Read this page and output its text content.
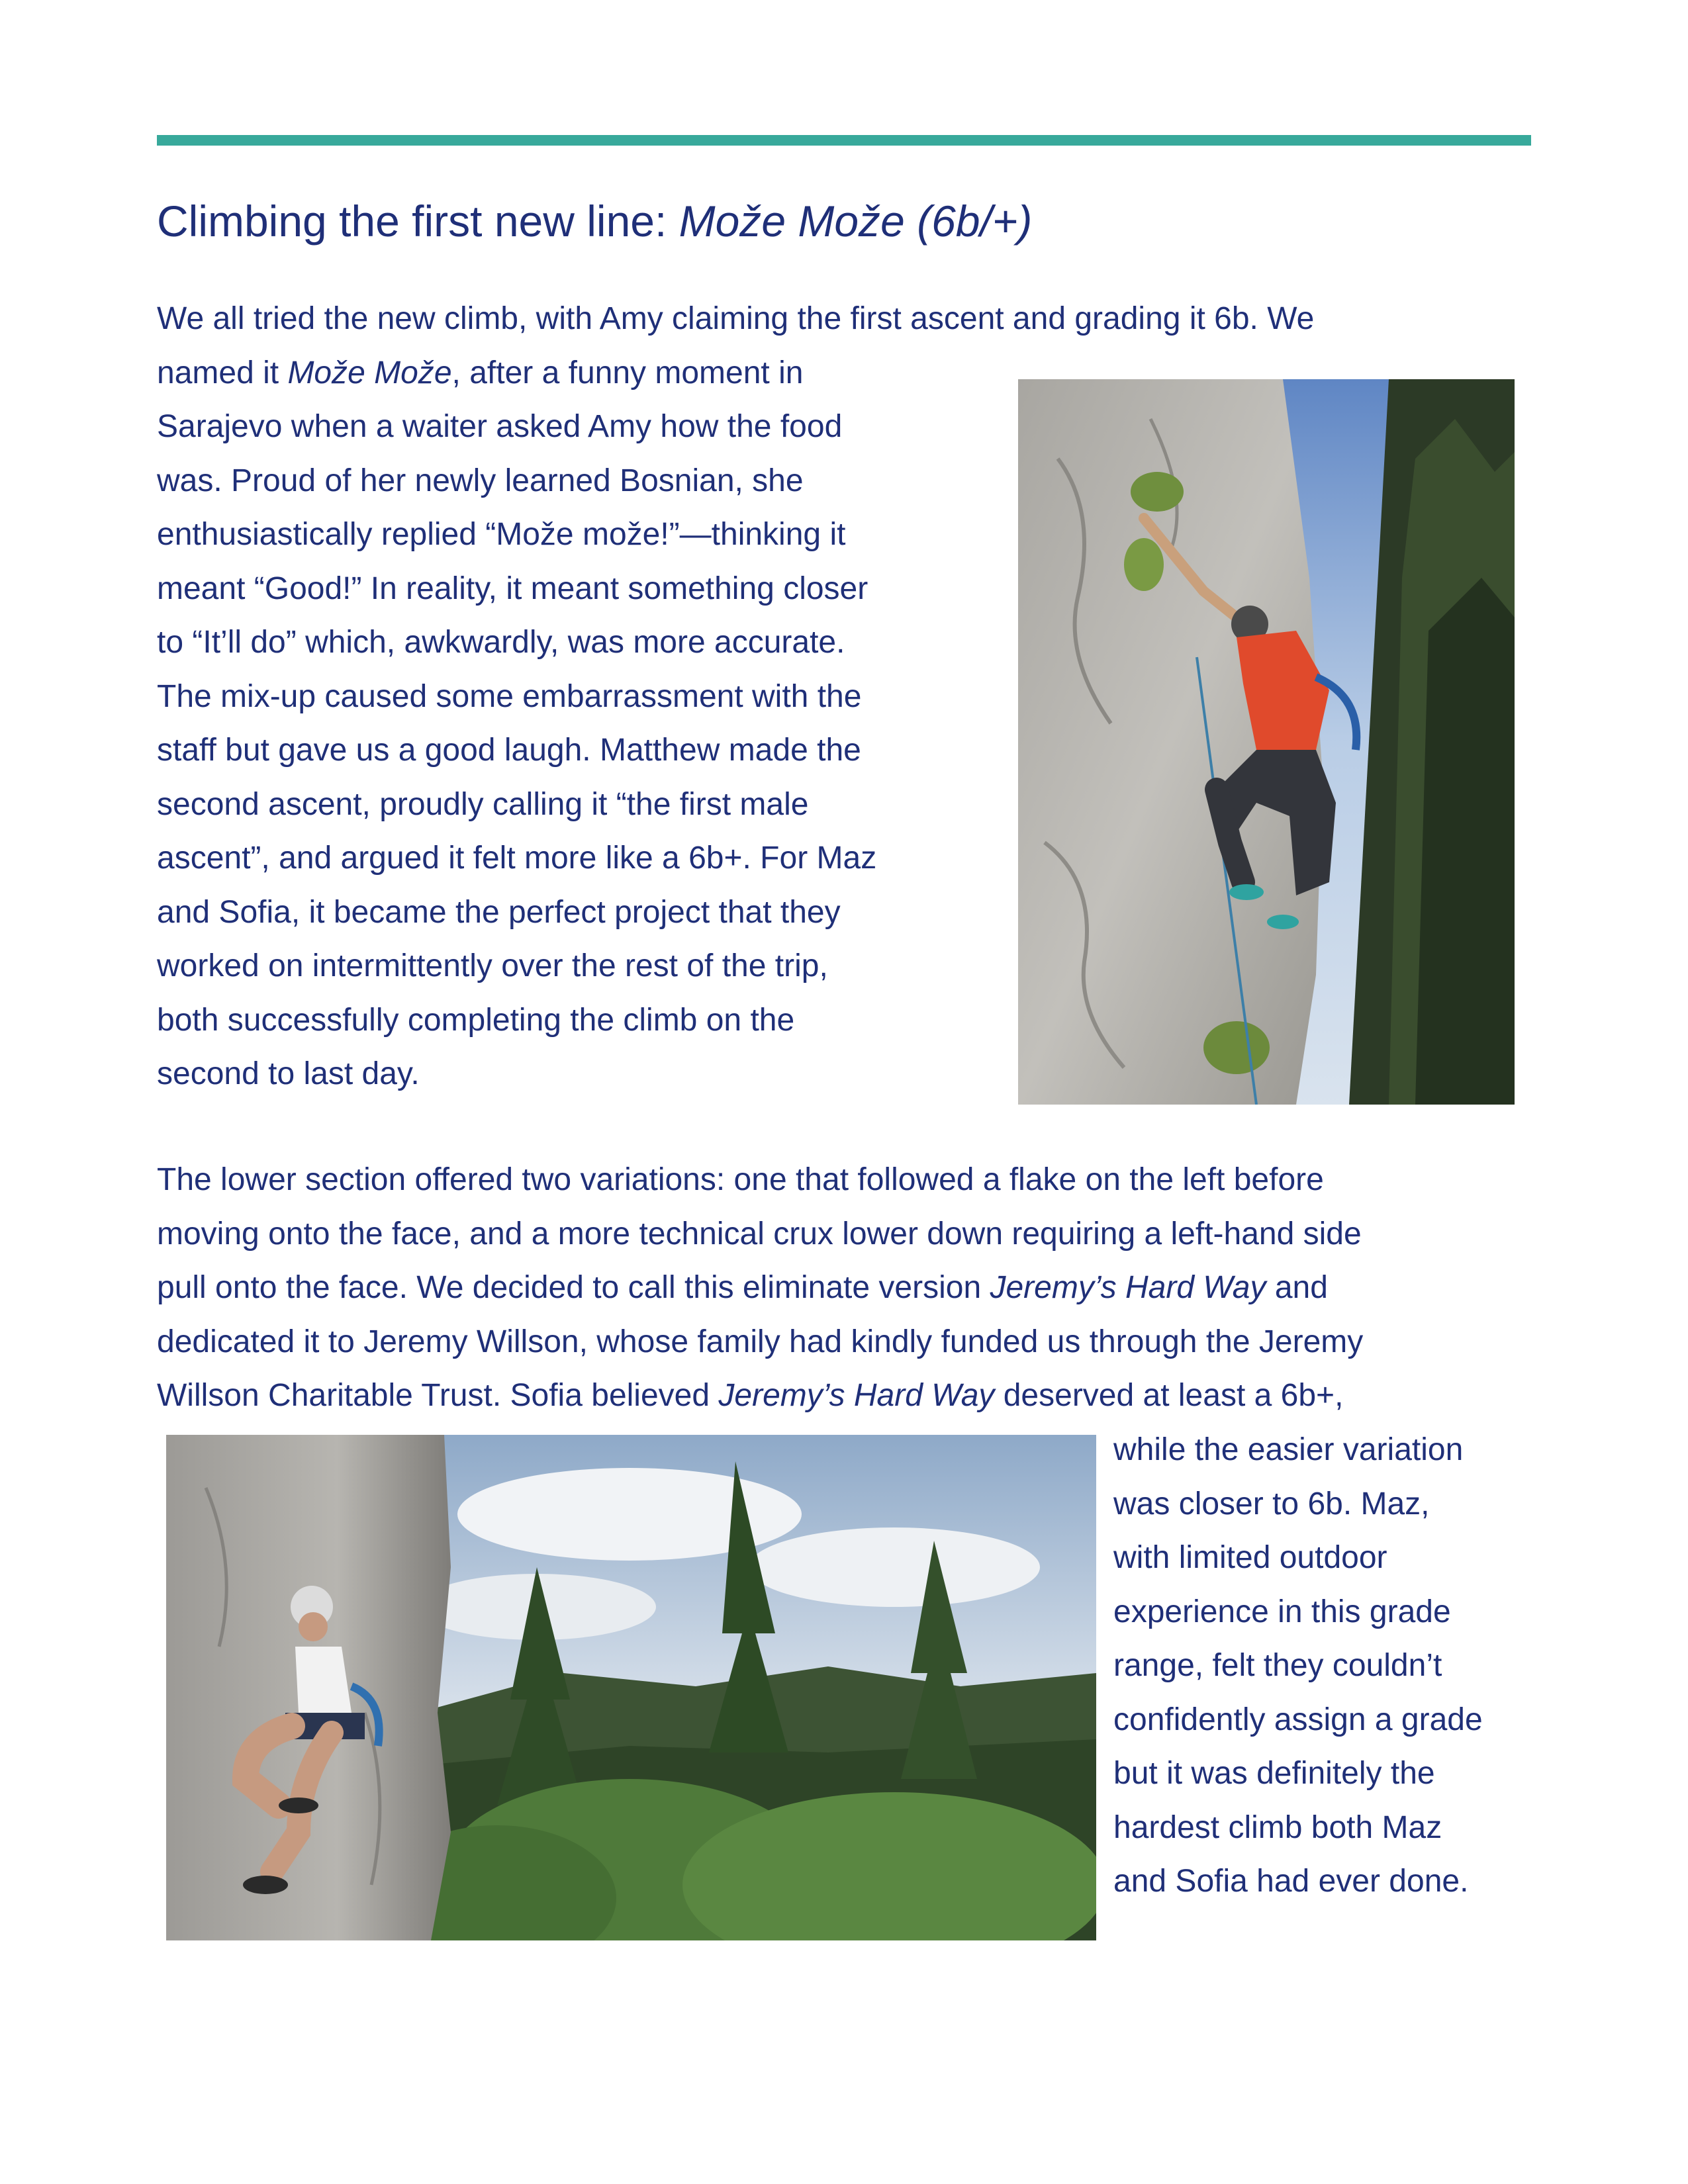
Climbing the first new line: Može Može (6b/+)

We all tried the new climb, with Amy claiming the first ascent and grading it 6b. We
named it Može Može, after a funny moment in
Sarajevo when a waiter asked Amy how the food
was. Proud of her newly learned Bosnian, she
enthusiastically replied “Može može!”—thinking it
meant “Good!” In reality, it meant something closer
to “It’ll do” which, awkwardly, was more accurate.
The mix-up caused some embarrassment with the
staff but gave us a good laugh. Matthew made the
second ascent, proudly calling it “the first male
ascent”, and argued it felt more like a 6b+. For Maz
and Sofia, it became the perfect project that they
worked on intermittently over the rest of the trip,
both successfully completing the climb on the
second to last day.

The lower section offered two variations: one that followed a flake on the left before
moving onto the face, and a more technical crux lower down requiring a left-hand side
pull onto the face. We decided to call this eliminate version Jeremy’s Hard Way and
dedicated it to Jeremy Willson, whose family had kindly funded us through the Jeremy
Willson Charitable Trust. Sofia believed Jeremy’s Hard Way deserved at least a 6b+,

while the easier variation
was closer to 6b. Maz,
with limited outdoor
experience in this grade
range, felt they couldn’t
confidently assign a grade
but it was definitely the
hardest climb both Maz
and Sofia had ever done.
